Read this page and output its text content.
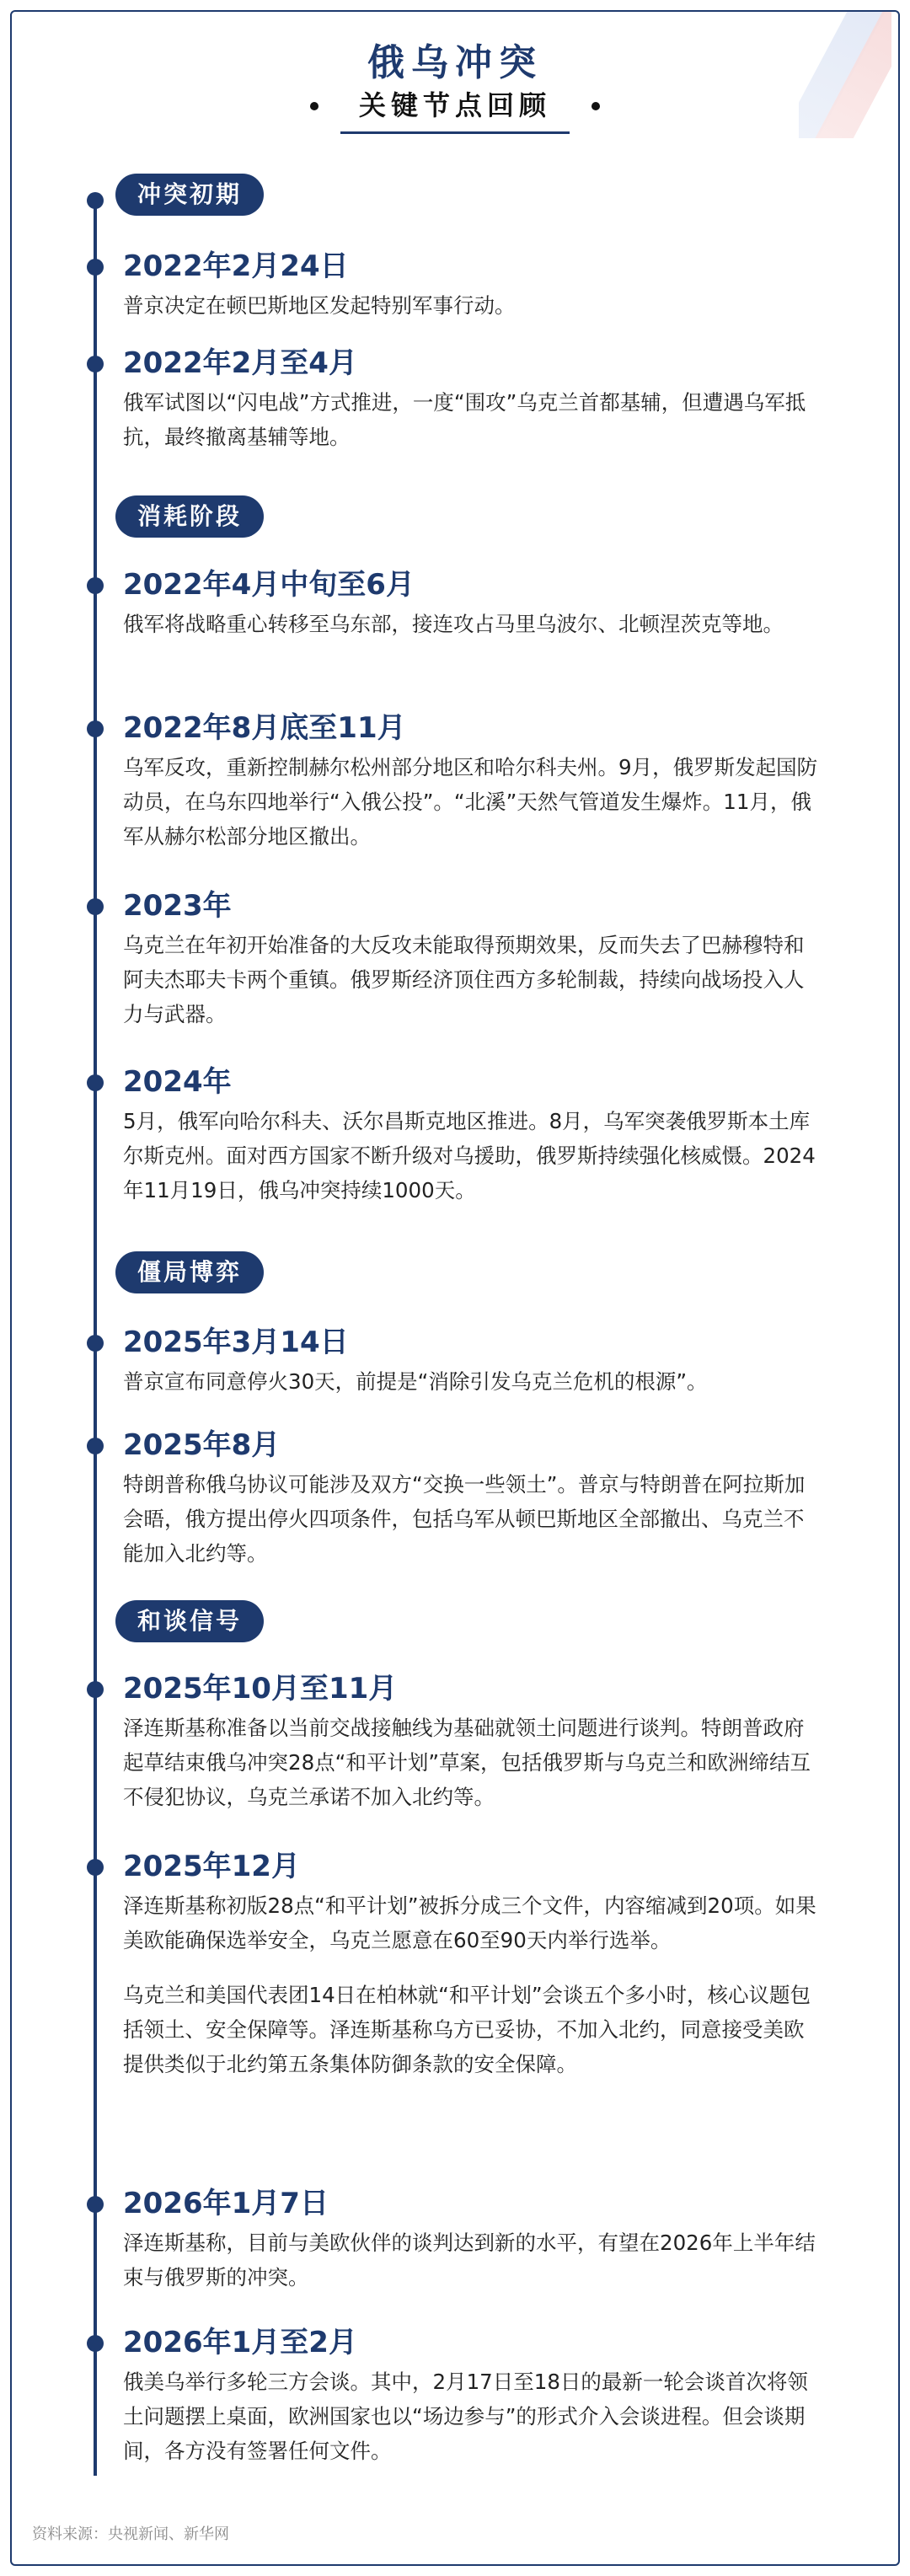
俄乌冲突
关键节点回顾
冲突初期
2022年2月24日
普京决定在顿巴斯地区发起特别军事行动。
2022年2月至4月
俄军试图以“闪电战”方式推进，一度“围攻”乌克兰首都基辅，但遭遇乌军抵抗，最终撤离基辅等地。
消耗阶段
2022年4月中旬至6月
俄军将战略重心转移至乌东部，接连攻占马里乌波尔、北顿涅茨克等地。
2022年8月底至11月
乌军反攻，重新控制赫尔松州部分地区和哈尔科夫州。9月，俄罗斯发起国防动员，在乌东四地举行“入俄公投”。“北溪”天然气管道发生爆炸。11月，俄军从赫尔松部分地区撤出。
2023年
乌克兰在年初开始准备的大反攻未能取得预期效果，反而失去了巴赫穆特和阿夫杰耶夫卡两个重镇。俄罗斯经济顶住西方多轮制裁，持续向战场投入人力与武器。
2024年
5月，俄军向哈尔科夫、沃尔昌斯克地区推进。8月，乌军突袭俄罗斯本土库尔斯克州。面对西方国家不断升级对乌援助，俄罗斯持续强化核威慑。2024年11月19日，俄乌冲突持续1000天。
僵局博弈
2025年3月14日
普京宣布同意停火30天，前提是“消除引发乌克兰危机的根源”。
2025年8月
特朗普称俄乌协议可能涉及双方“交换一些领土”。普京与特朗普在阿拉斯加会晤，俄方提出停火四项条件，包括乌军从顿巴斯地区全部撤出、乌克兰不能加入北约等。
和谈信号
2025年10月至11月
泽连斯基称准备以当前交战接触线为基础就领土问题进行谈判。特朗普政府起草结束俄乌冲突28点“和平计划”草案，包括俄罗斯与乌克兰和欧洲缔结互不侵犯协议，乌克兰承诺不加入北约等。
2025年12月
泽连斯基称初版28点“和平计划”被拆分成三个文件，内容缩减到20项。如果美欧能确保选举安全，乌克兰愿意在60至90天内举行选举。
乌克兰和美国代表团14日在柏林就“和平计划”会谈五个多小时，核心议题包括领土、安全保障等。泽连斯基称乌方已妥协，不加入北约，同意接受美欧提供类似于北约第五条集体防御条款的安全保障。
2026年1月7日
泽连斯基称，目前与美欧伙伴的谈判达到新的水平，有望在2026年上半年结束与俄罗斯的冲突。
2026年1月至2月
俄美乌举行多轮三方会谈。其中，2月17日至18日的最新一轮会谈首次将领土问题摆上桌面，欧洲国家也以“场边参与”的形式介入会谈进程。但会谈期间，各方没有签署任何文件。
资料来源：央视新闻、新华网
